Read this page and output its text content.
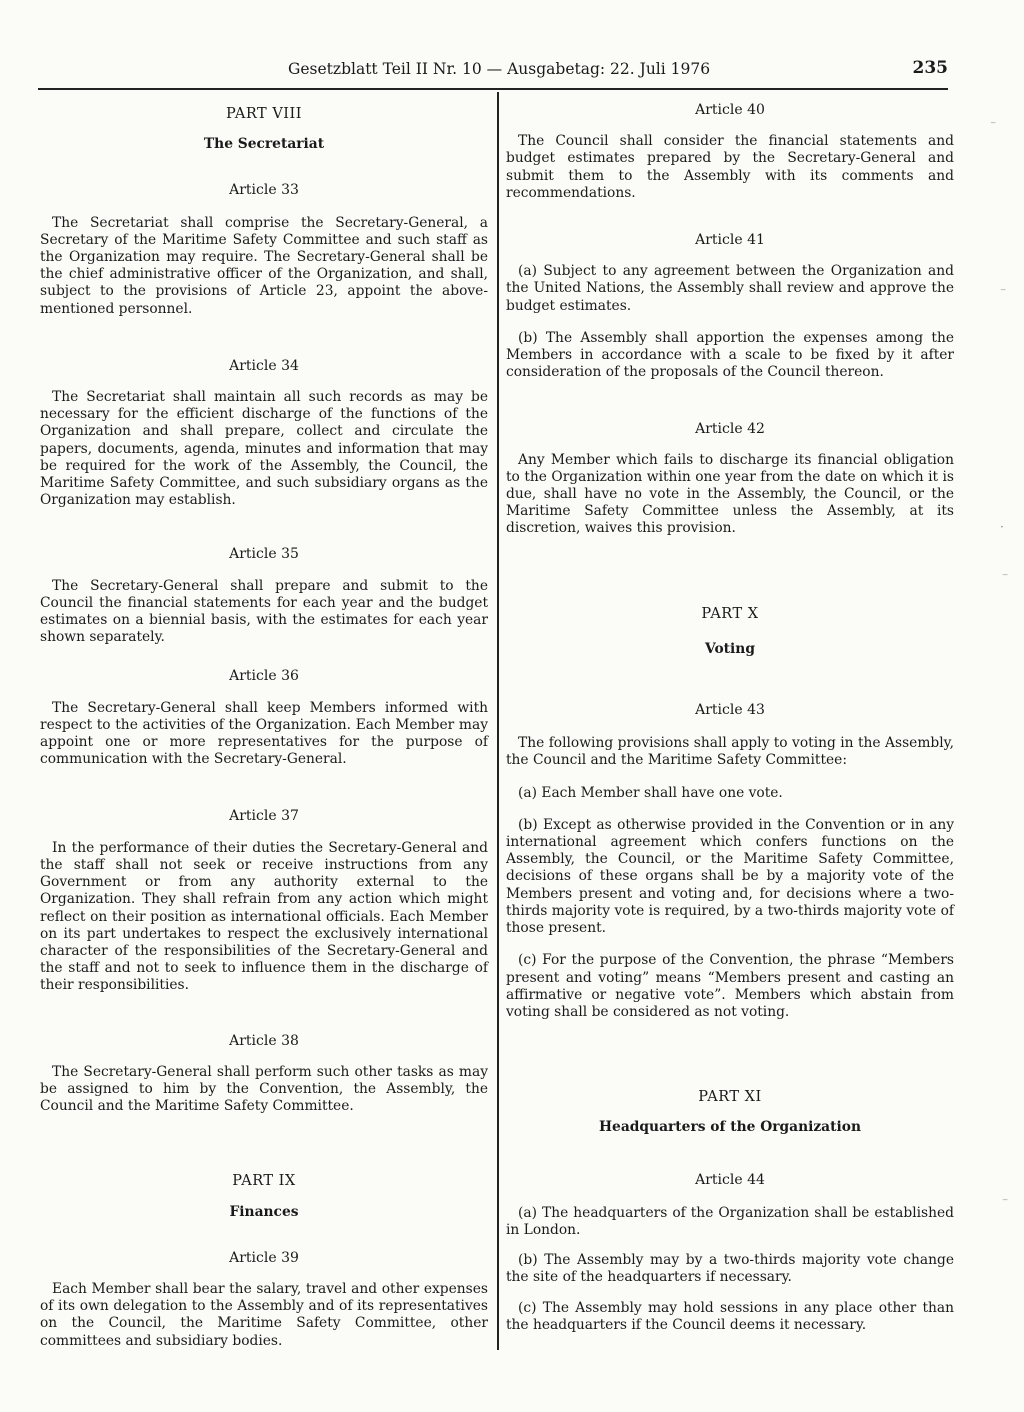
Gesetzblatt Teil II Nr. 10 — Ausgabetag: 22. Juli 1976	235
PART VIII
The Secretariat
Article 33

The Secretariat shall comprise the Secretary-General, a Secretary of the Maritime Safety Committee and such staff as the Organization may require. The Secretary-General shall be the chief administrative officer of the Organization, and shall, subject to the provisions of Article 23, appoint the above-mentioned personnel.

Article 34

The Secretariat shall maintain all such records as may be necessary for the efficient discharge of the functions of the Organization and shall prepare, collect and circulate the papers, documents, agenda, minutes and information that may be required for the work of the Assembly, the Council, the Maritime Safety Committee, and such subsidiary organs as the Organization may establish.

Article 35

The Secretary-General shall prepare and submit to the Council the financial statements for each year and the budget estimates on a biennial basis, with the estimates for each year shown separately.

Article 36

The Secretary-General shall keep Members informed with respect to the activities of the Organization. Each Member may appoint one or more representatives for the purpose of communication with the Secretary-General.

Article 37

In the performance of their duties the Secretary-General and the staff shall not seek or receive instructions from any Government or from any authority external to the Organization. They shall refrain from any action which might reflect on their position as international officials. Each Member on its part undertakes to respect the exclusively international character of the responsibilities of the Secretary-General and the staff and not to seek to influence them in the discharge of their responsibilities.

Article 38

The Secretary-General shall perform such other tasks as may be assigned to him by the Convention, the Assembly, the Council and the Maritime Safety Committee.

PART IX
Finances
Article 39

Each Member shall bear the salary, travel and other expenses of its own delegation to the Assembly and of its representatives on the Council, the Maritime Safety Committee, other committees and subsidiary bodies.

Article 40

The Council shall consider the financial statements and budget estimates prepared by the Secretary-General and submit them to the Assembly with its comments and recommendations.

Article 41

(a) Subject to any agreement between the Organization and the United Nations, the Assembly shall review and approve the budget estimates.

(b) The Assembly shall apportion the expenses among the Members in accordance with a scale to be fixed by it after consideration of the proposals of the Council thereon.

Article 42

Any Member which fails to discharge its financial obligation to the Organization within one year from the date on which it is due, shall have no vote in the Assembly, the Council, or the Maritime Safety Committee unless the Assembly, at its discretion, waives this provision.

PART X
Voting
Article 43

The following provisions shall apply to voting in the Assembly, the Council and the Maritime Safety Committee:

(a) Each Member shall have one vote.

(b) Except as otherwise provided in the Convention or in any international agreement which confers functions on the Assembly, the Council, or the Maritime Safety Committee, decisions of these organs shall be by a majority vote of the Members present and voting and, for decisions where a two-thirds majority vote is required, by a two-thirds majority vote of those present.

(c) For the purpose of the Convention, the phrase “Members present and voting” means “Members present and casting an affirmative or negative vote”. Members which abstain from voting shall be considered as not voting.

PART XI
Headquarters of the Organization
Article 44

(a) The headquarters of the Organization shall be established in London.

(b) The Assembly may by a two-thirds majority vote change the site of the headquarters if necessary.

(c) The Assembly may hold sessions in any place other than the headquarters if the Council deems it necessary.

⁻
⁻
·
⁻
⁻
